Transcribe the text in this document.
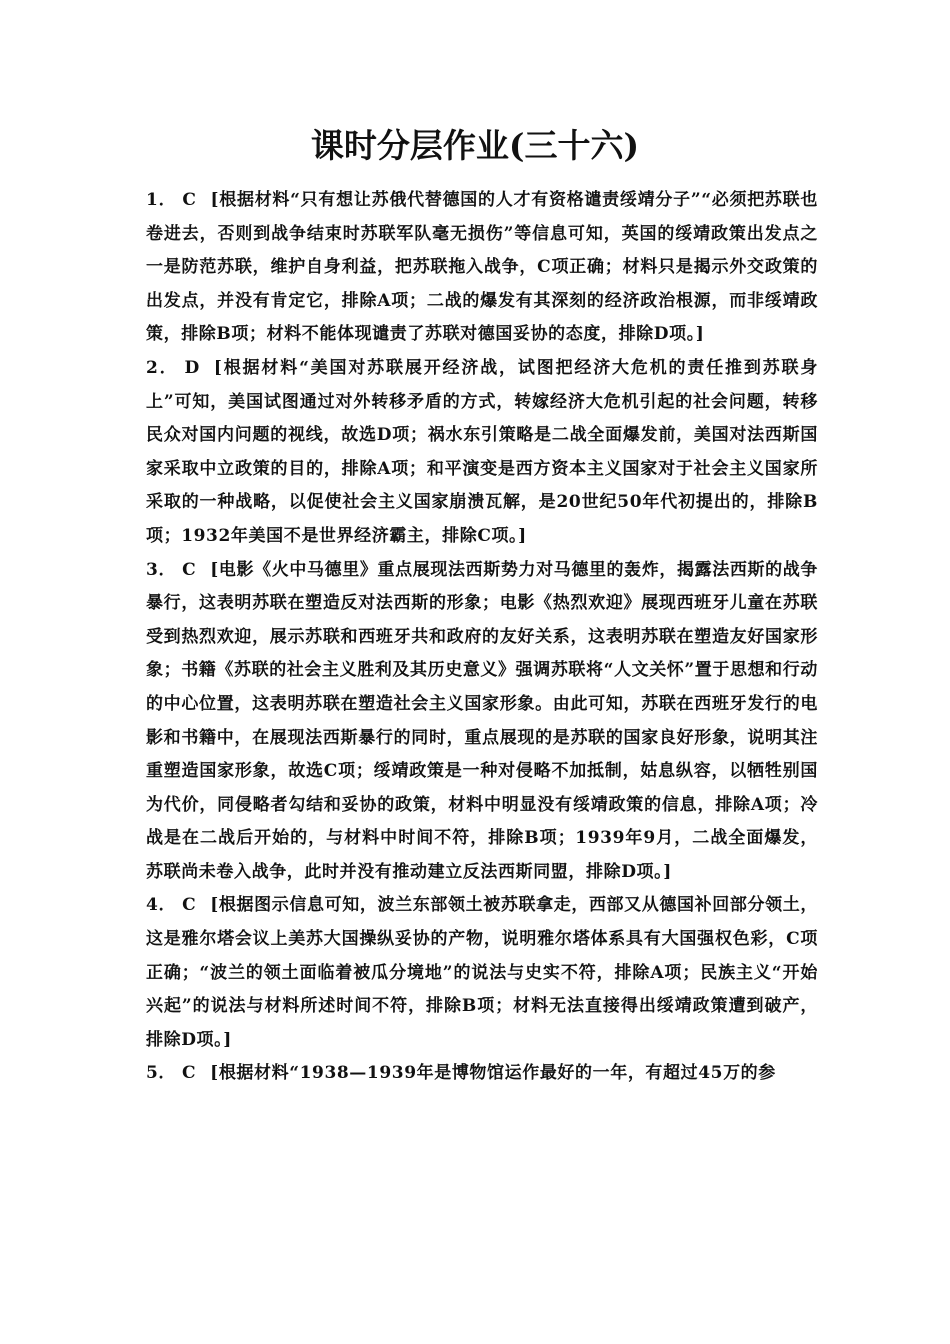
课时分层作业(三十六)

1． C [根据材料“只有想让苏俄代替德国的人才有资格谴责绥靖分子”“必须把苏联也卷进去，否则到战争结束时苏联军队毫无损伤”等信息可知，英国的绥靖政策出发点之一是防范苏联，维护自身利益，把苏联拖入战争，C项正确；材料只是揭示外交政策的出发点，并没有肯定它，排除A项；二战的爆发有其深刻的经济政治根源，而非绥靖政策，排除B项；材料不能体现谴责了苏联对德国妥协的态度，排除D项。]

2． D [根据材料“美国对苏联展开经济战，试图把经济大危机的责任推到苏联身上”可知，美国试图通过对外转移矛盾的方式，转嫁经济大危机引起的社会问题，转移民众对国内问题的视线，故选D项；祸水东引策略是二战全面爆发前，美国对法西斯国家采取中立政策的目的，排除A项；和平演变是西方资本主义国家对于社会主义国家所采取的一种战略，以促使社会主义国家崩溃瓦解，是20世纪50年代初提出的，排除B项；1932年美国不是世界经济霸主，排除C项。]

3． C [电影《火中马德里》重点展现法西斯势力对马德里的轰炸，揭露法西斯的战争暴行，这表明苏联在塑造反对法西斯的形象；电影《热烈欢迎》展现西班牙儿童在苏联受到热烈欢迎，展示苏联和西班牙共和政府的友好关系，这表明苏联在塑造友好国家形象；书籍《苏联的社会主义胜利及其历史意义》强调苏联将“人文关怀”置于思想和行动的中心位置，这表明苏联在塑造社会主义国家形象。由此可知，苏联在西班牙发行的电影和书籍中，在展现法西斯暴行的同时，重点展现的是苏联的国家良好形象，说明其注重塑造国家形象，故选C项；绥靖政策是一种对侵略不加抵制，姑息纵容，以牺牲别国为代价，同侵略者勾结和妥协的政策，材料中明显没有绥靖政策的信息，排除A项；冷战是在二战后开始的，与材料中时间不符，排除B项；1939年9月，二战全面爆发，苏联尚未卷入战争，此时并没有推动建立反法西斯同盟，排除D项。]

4． C [根据图示信息可知，波兰东部领土被苏联拿走，西部又从德国补回部分领土，这是雅尔塔会议上美苏大国操纵妥协的产物，说明雅尔塔体系具有大国强权色彩，C项正确；“波兰的领土面临着被瓜分境地”的说法与史实不符，排除A项；民族主义“开始兴起”的说法与材料所述时间不符，排除B项；材料无法直接得出绥靖政策遭到破产，排除D项。]

5． C [根据材料“1938—1939年是博物馆运作最好的一年，有超过45万的参
